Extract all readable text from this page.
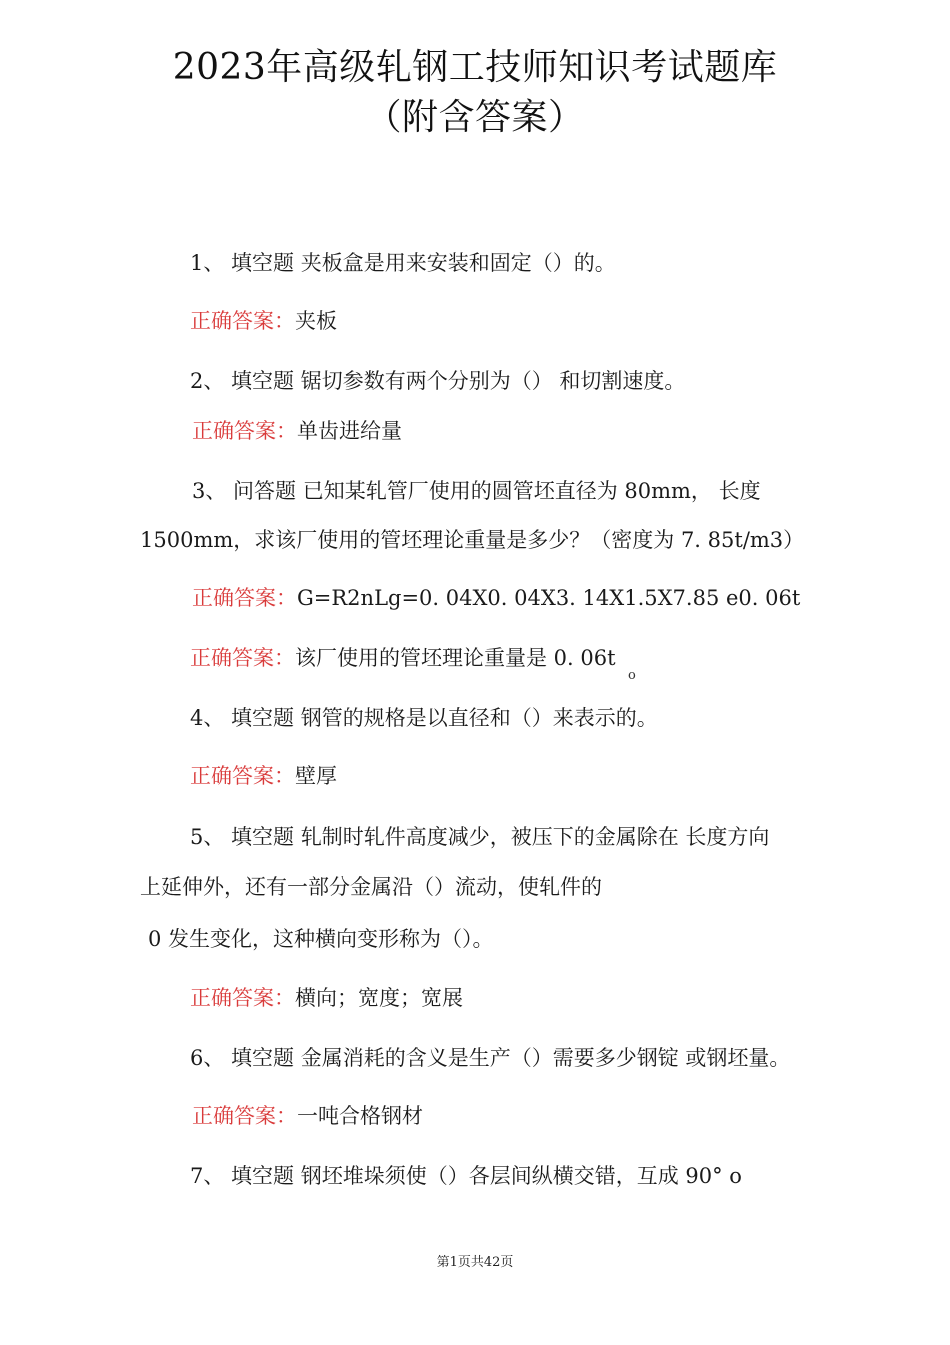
2023年高级轧钢工技师知识考试题库
（附含答案）
1、 填空题 夹板盒是用来安装和固定（）的。
正确答案：夹板
2、 填空题 锯切参数有两个分别为（） 和切割速度。
正确答案：单齿进给量
3、 问答题 已知某轧管厂使用的圆管坯直径为 80mm， 长度
1500mm，求该厂使用的管坯理论重量是多少？（密度为 7. 85t/m3）
正确答案：G=R2nLg=0. 04X0. 04X3. 14X1.5X7.85 e0. 06t
正确答案：该厂使用的管坯理论重量是 0. 06t
o
4、 填空题 钢管的规格是以直径和（）来表示的。
正确答案：壁厚
5、 填空题 轧制时轧件高度减少，被压下的金属除在 长度方向
上延伸外，还有一部分金属沿（）流动，使轧件的
0 发生变化，这种横向变形称为（）。
正确答案：横向；宽度；宽展
6、 填空题 金属消耗的含义是生产（）需要多少钢锭 或钢坯量。
正确答案：一吨合格钢材
7、 填空题 钢坯堆垛须使（）各层间纵横交错，互成 90° o
第1页共42页
